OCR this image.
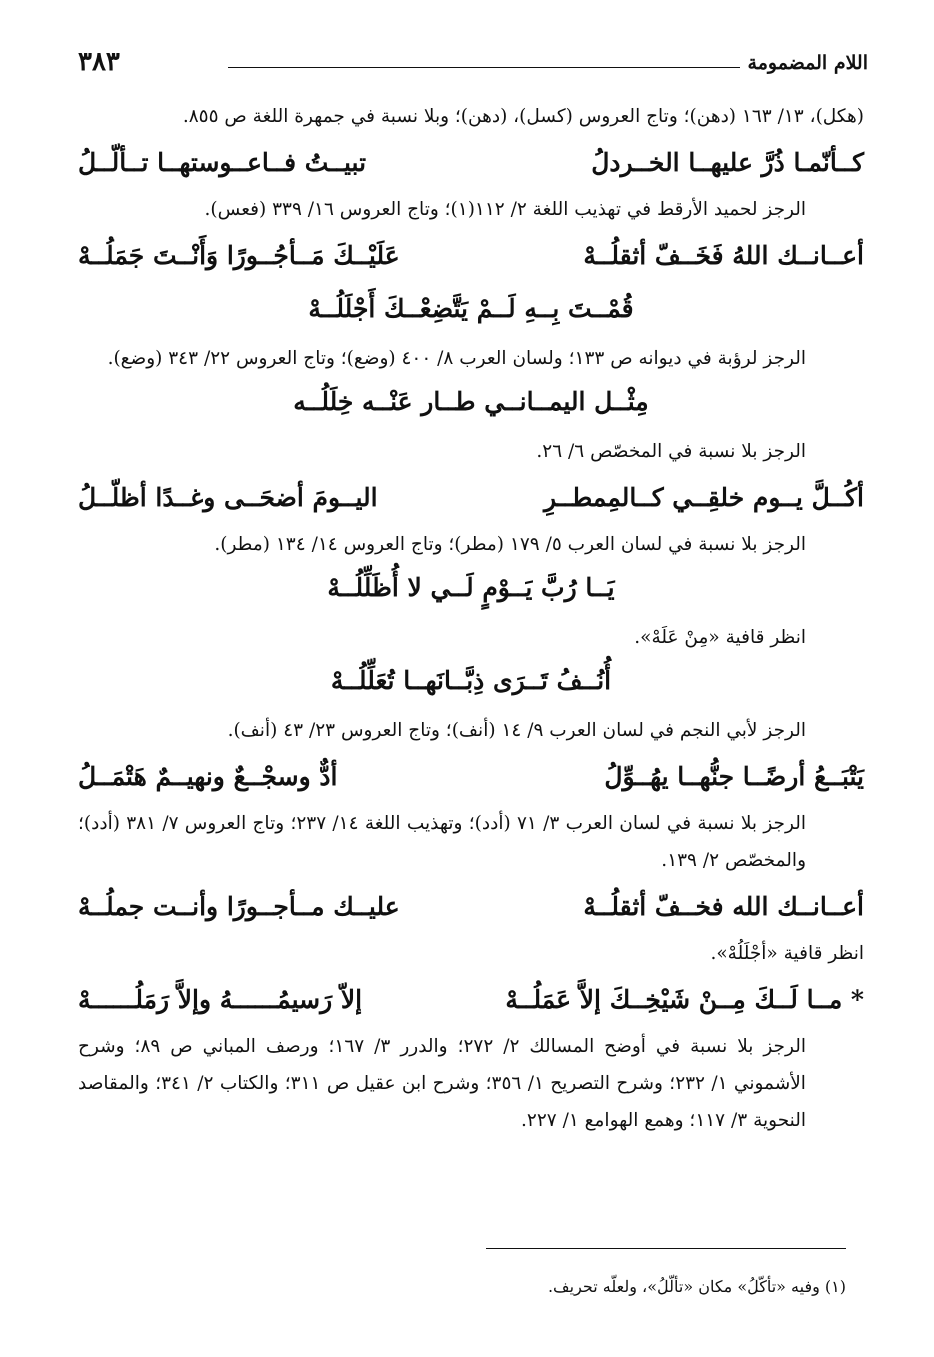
٣٨٣	اللام المضمومة

(هكل)، ١٣/ ١٦٣ (دهن)؛ وتاج العروس (كسل)، (دهن)؛ وبلا نسبة في جمهرة اللغة ص ٨٥٥.

كــأنّمـا ذُرَّ عليهــا الخــردلُ
تبيــتُ فــاعــوستهــا تــألّــلُ

الرجز لحميد الأرقط في تهذيب اللغة ٢/ ١١٢(١)؛ وتاج العروس ١٦/ ٣٣٩ (فعس).

أعــانــك اللهُ فَخَــفّ أثقلُــهْ
عَلَيْــكَ مَــأجُــورًا وَأَنْــتَ جَمَلُــهْ
قُمْــتَ بِــهِ لَــمْ يَتَّضِعْــكَ أَجْلَلُــهْ

الرجز لرؤبة في ديوانه ص ١٣٣؛ ولسان العرب ٨/ ٤٠٠ (وضع)؛ وتاج العروس ٢٢/ ٣٤٣ (وضع).

مِثْــل اليمــانــي طــار عَنْــه خِلَلُــه

الرجز بلا نسبة في المخصّص ٦/ ٢٦.

أكُــلَّ يــوم خلقِــي كــالمِمطــرِ
اليــومَ أضحَــى وغــدًا أظلّــلُ

الرجز بلا نسبة في لسان العرب ٥/ ١٧٩ (مطر)؛ وتاج العروس ١٤/ ١٣٤ (مطر).

يَــا رُبَّ يَــوْمٍ لَــي لا أُظَلِّلُــهْ

انظر قافية «مِنْ عَلَهْ».

أُنُــفُ تَــرَى ذِبَّــانَهــا تُعَلِّلُــهْ

الرجز لأبي النجم في لسان العرب ٩/ ١٤ (أنف)؛ وتاج العروس ٢٣/ ٤٣ (أنف).

يَتْبَــعُ أرضًــا جنُّهــا يهُــوِّلُ
أدٌّ وسجْــعٌ ونهيــمٌ هَتْمَــلُ

الرجز بلا نسبة في لسان العرب ٣/ ٧١ (أدد)؛ وتهذيب اللغة ١٤/ ٢٣٧؛ وتاج العروس ٧/ ٣٨١ (أدد)؛ والمخصّص ٢/ ١٣٩.

أعــانــك الله فخــفّ أثقلُــهْ
عليــك مــأجــورًا وأنــت جملُــهْ

انظر قافية «أجْلَلُهْ».

* مــا لَــكَ مِــنْ شَيْخِــكَ إلاَّ عَمَلُــهْ
إلاّ رَسيمُــــــهُ وإلاَّ رَمَلُــــــهْ

الرجز بلا نسبة في أوضح المسالك ٢/ ٢٧٢؛ والدرر ٣/ ١٦٧؛ ورصف المباني ص ٨٩؛ وشرح الأشموني ١/ ٢٣٢؛ وشرح التصريح ١/ ٣٥٦؛ وشرح ابن عقيل ص ٣١١؛ والكتاب ٢/ ٣٤١؛ والمقاصد النحوية ٣/ ١١٧؛ وهمع الهوامع ١/ ٢٢٧.

(١) وفيه «تأكّلُ» مكان «تألّلُ»، ولعلّه تحريف.
